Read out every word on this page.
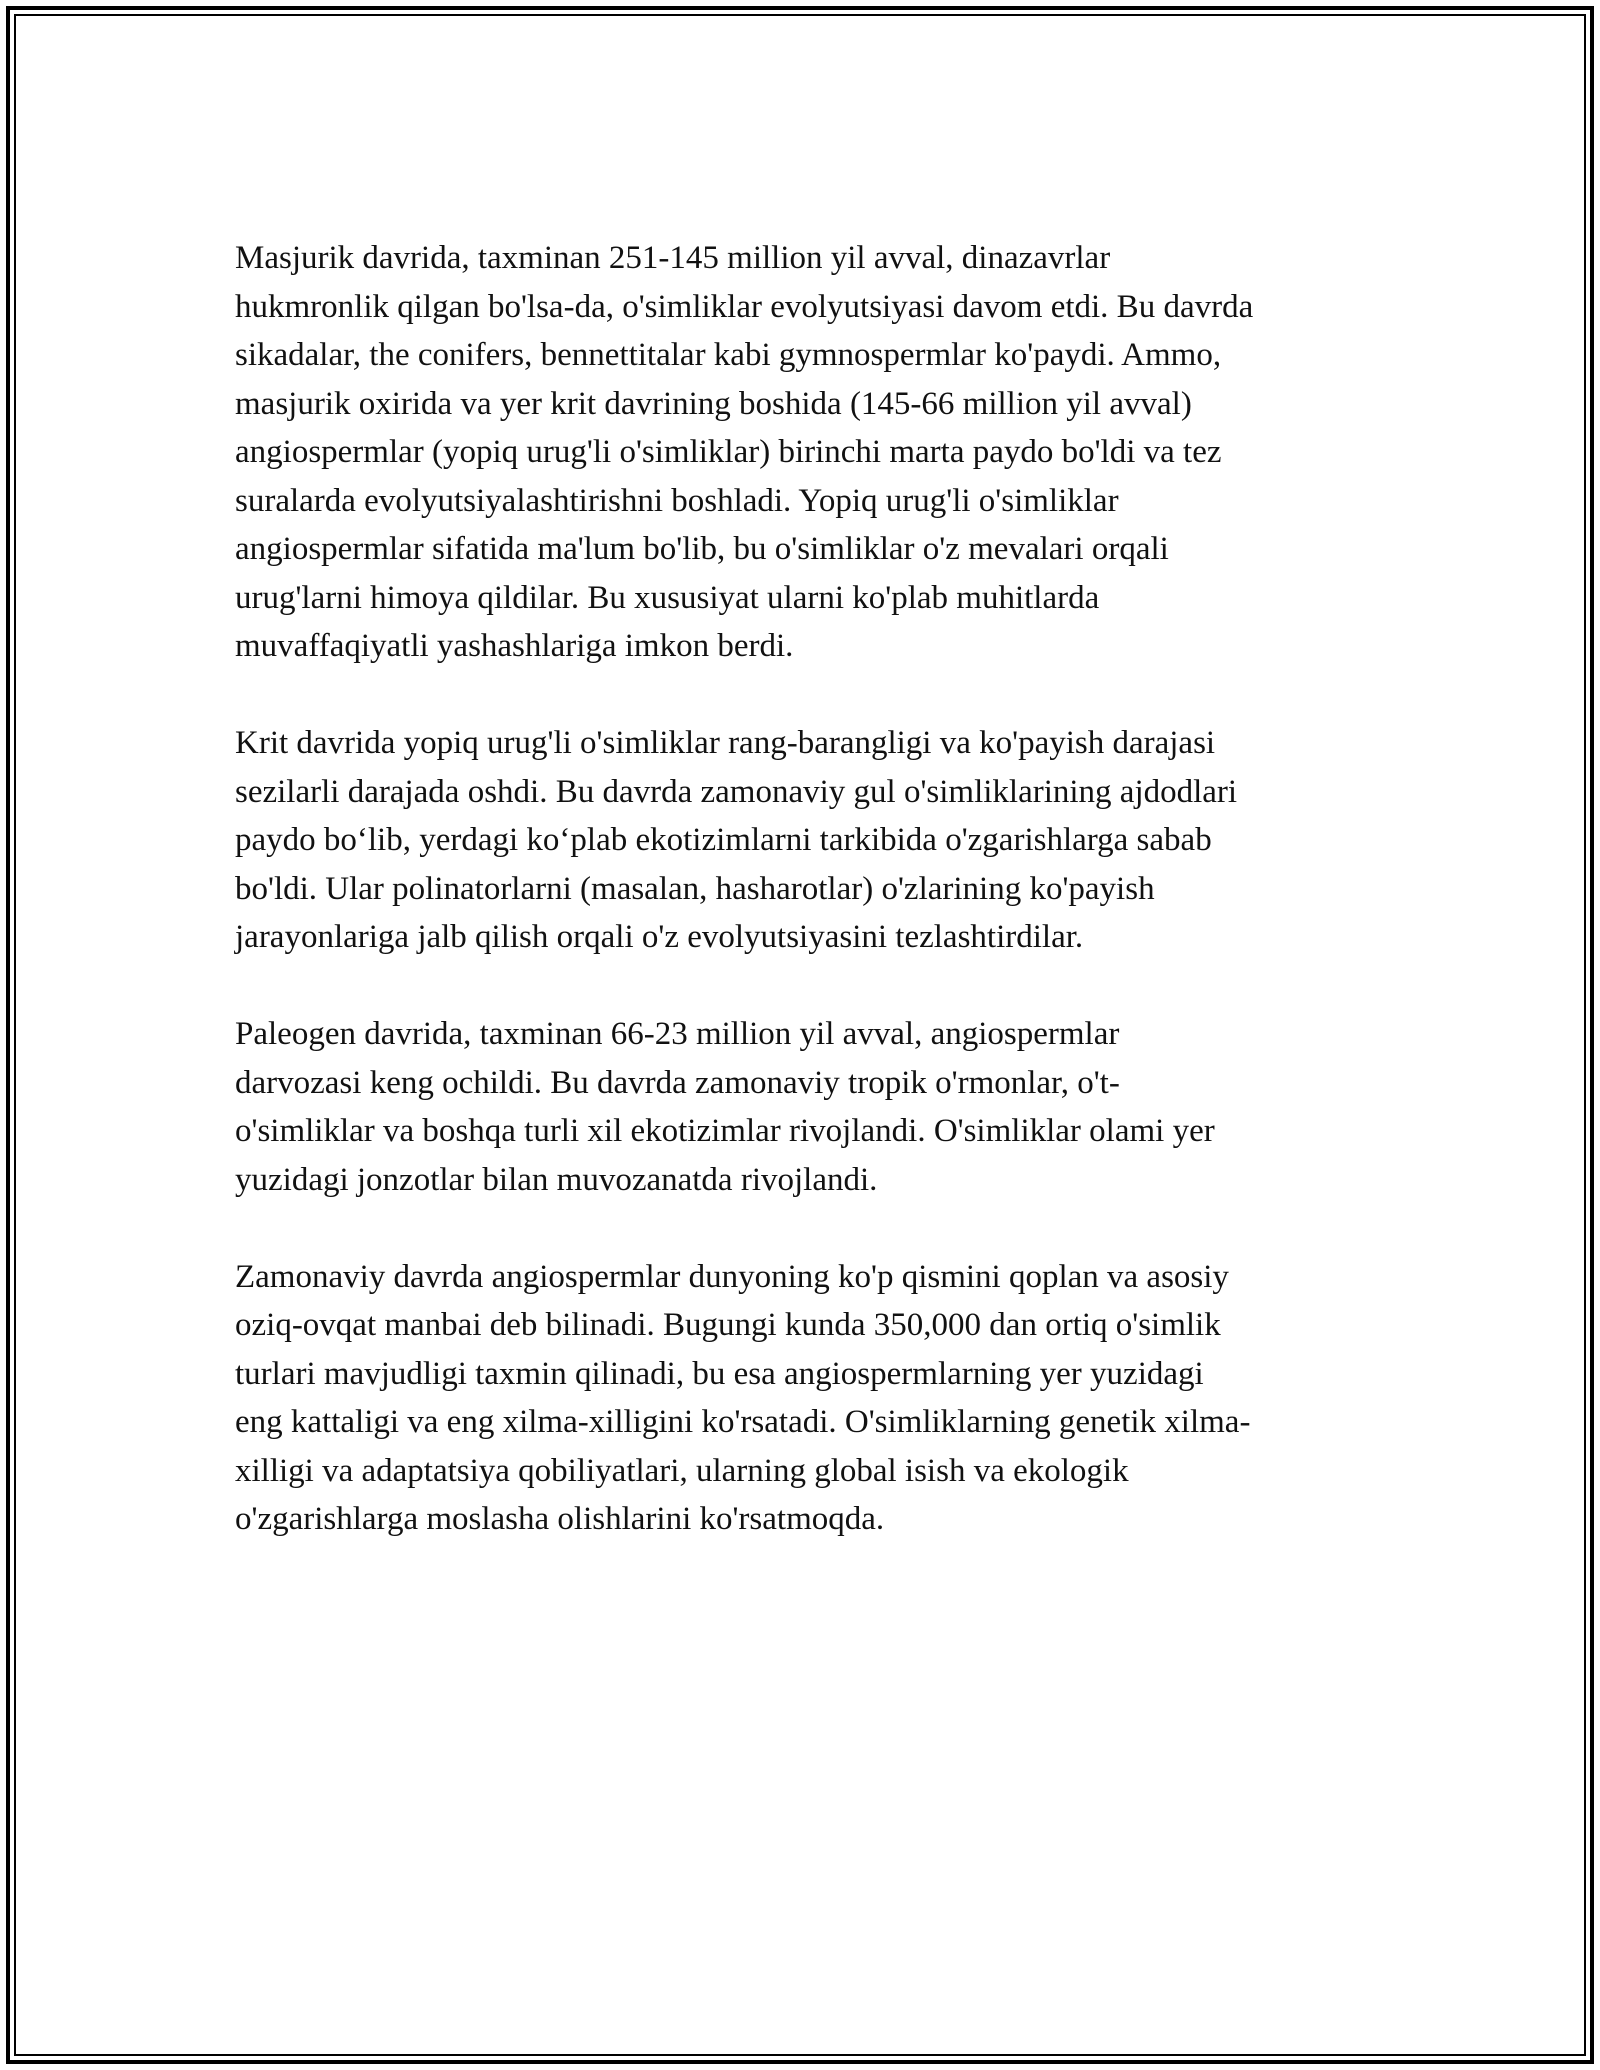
Masjurik davrida, taxminan 251-145 million yil avval, dinazavrlar
hukmronlik qilgan bo'lsa-da, o'simliklar evolyutsiyasi davom etdi. Bu davrda
sikadalar, the conifers, bennettitalar kabi gymnospermlar ko'paydi. Ammo,
masjurik oxirida va yer krit davrining boshida (145-66 million yil avval)
angiospermlar (yopiq urug'li o'simliklar) birinchi marta paydo bo'ldi va tez
suralarda evolyutsiyalashtirishni boshladi. Yopiq urug'li o'simliklar
angiospermlar sifatida ma'lum bo'lib, bu o'simliklar o'z mevalari orqali
urug'larni himoya qildilar. Bu xususiyat ularni ko'plab muhitlarda
muvaffaqiyatli yashashlariga imkon berdi.

Krit davrida yopiq urug'li o'simliklar rang-barangligi va ko'payish darajasi
sezilarli darajada oshdi. Bu davrda zamonaviy gul o'simliklarining ajdodlari
paydo bo‘lib, yerdagi ko‘plab ekotizimlarni tarkibida o'zgarishlarga sabab
bo'ldi. Ular polinatorlarni (masalan, hasharotlar) o'zlarining ko'payish
jarayonlariga jalb qilish orqali o'z evolyutsiyasini tezlashtirdilar.

Paleogen davrida, taxminan 66-23 million yil avval, angiospermlar
darvozasi keng ochildi. Bu davrda zamonaviy tropik o'rmonlar, o't-
o'simliklar va boshqa turli xil ekotizimlar rivojlandi. O'simliklar olami yer
yuzidagi jonzotlar bilan muvozanatda rivojlandi.

Zamonaviy davrda angiospermlar dunyoning ko'p qismini qoplan va asosiy
oziq-ovqat manbai deb bilinadi. Bugungi kunda 350,000 dan ortiq o'simlik
turlari mavjudligi taxmin qilinadi, bu esa angiospermlarning yer yuzidagi
eng kattaligi va eng xilma-xilligini ko'rsatadi. O'simliklarning genetik xilma-
xilligi va adaptatsiya qobiliyatlari, ularning global isish va ekologik
o'zgarishlarga moslasha olishlarini ko'rsatmoqda.
